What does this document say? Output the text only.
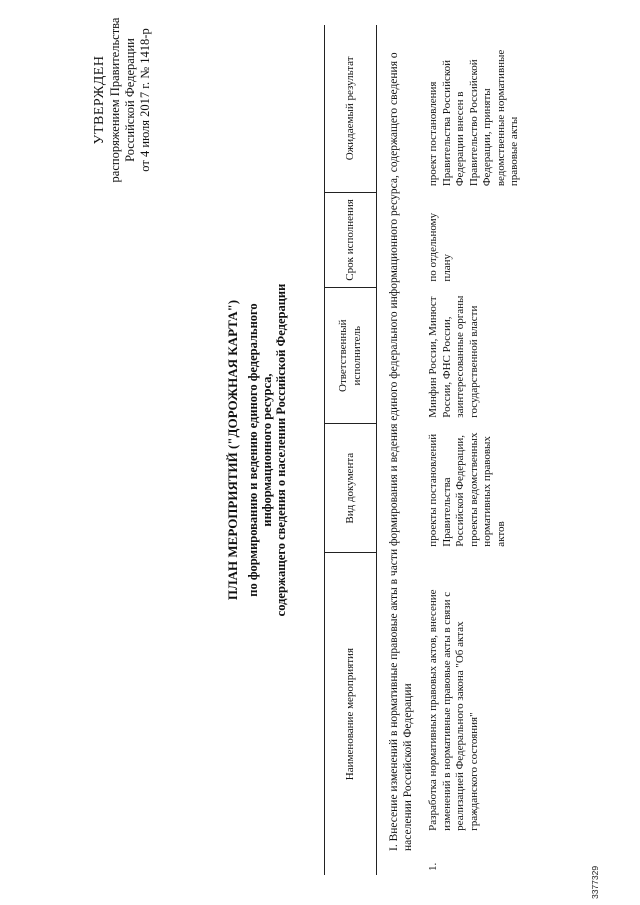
УТВЕРЖДЕН распоряжением Правительства Российской Федерации от 4 июля 2017 г. № 1418-р
ПЛАН МЕРОПРИЯТИЙ ("ДОРОЖНАЯ КАРТА") по формированию и ведению единого федерального информационного ресурса, содержащего сведения о населении Российской Федерации
Наименование мероприятия		Вид документа	Ответственный исполнитель	Срок исполнения	Ожидаемый результат

I. Внесение изменений в нормативные правовые акты в части формирования и ведения единого федерального информационного ресурса, содержащего сведения о населении Российской Федерации					

1.	Разработка нормативных правовых актов, внесение изменений в нормативные правовые акты в связи с реализацией Федерального закона "Об актах гражданского состояния"	проекты постановлений Правительства Российской Федерации, проекты ведомственных нормативных правовых актов	Минфин России, Минюст России, ФНС России, заинтересованные органы государственной власти	по отдельному плану	проект постановления Правительства Российской Федерации внесен в Правительство Российской Федерации, приняты ведомственные нормативные правовые акты
3377329
